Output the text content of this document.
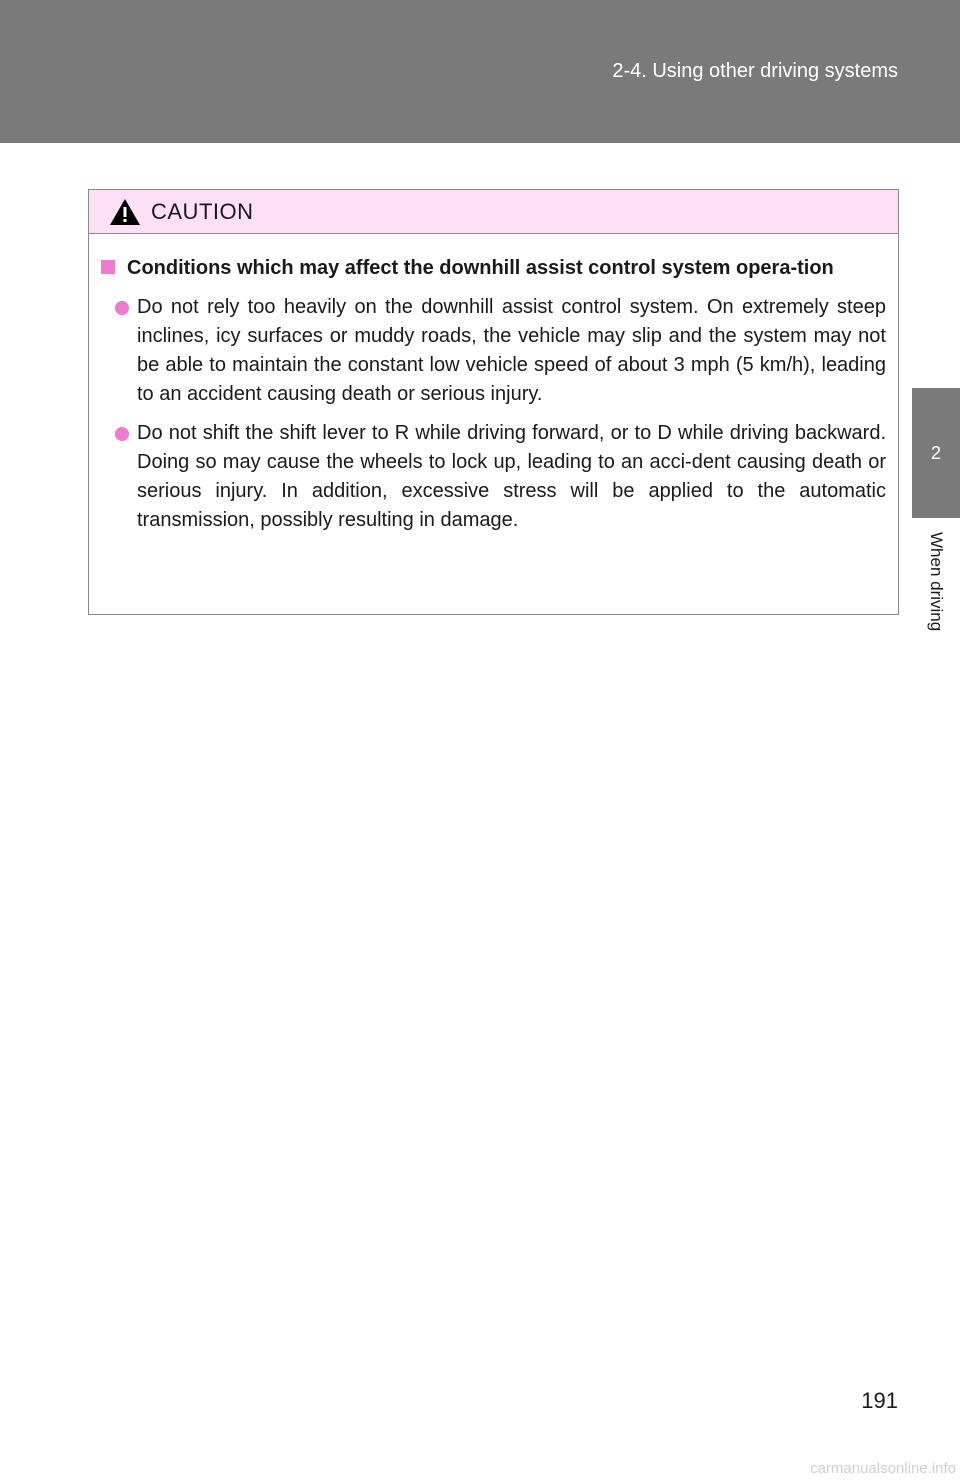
2-4. Using other driving systems
2
When driving
CAUTION
Conditions which may affect the downhill assist control system opera-tion
Do not rely too heavily on the downhill assist control system. On extremely steep inclines, icy surfaces or muddy roads, the vehicle may slip and the system may not be able to maintain the constant low vehicle speed of about 3 mph (5 km/h), leading to an accident causing death or serious injury.
Do not shift the shift lever to R while driving forward, or to D while driving backward. Doing so may cause the wheels to lock up, leading to an acci-dent causing death or serious injury. In addition, excessive stress will be applied to the automatic transmission, possibly resulting in damage.
191
carmanualsonline.info
